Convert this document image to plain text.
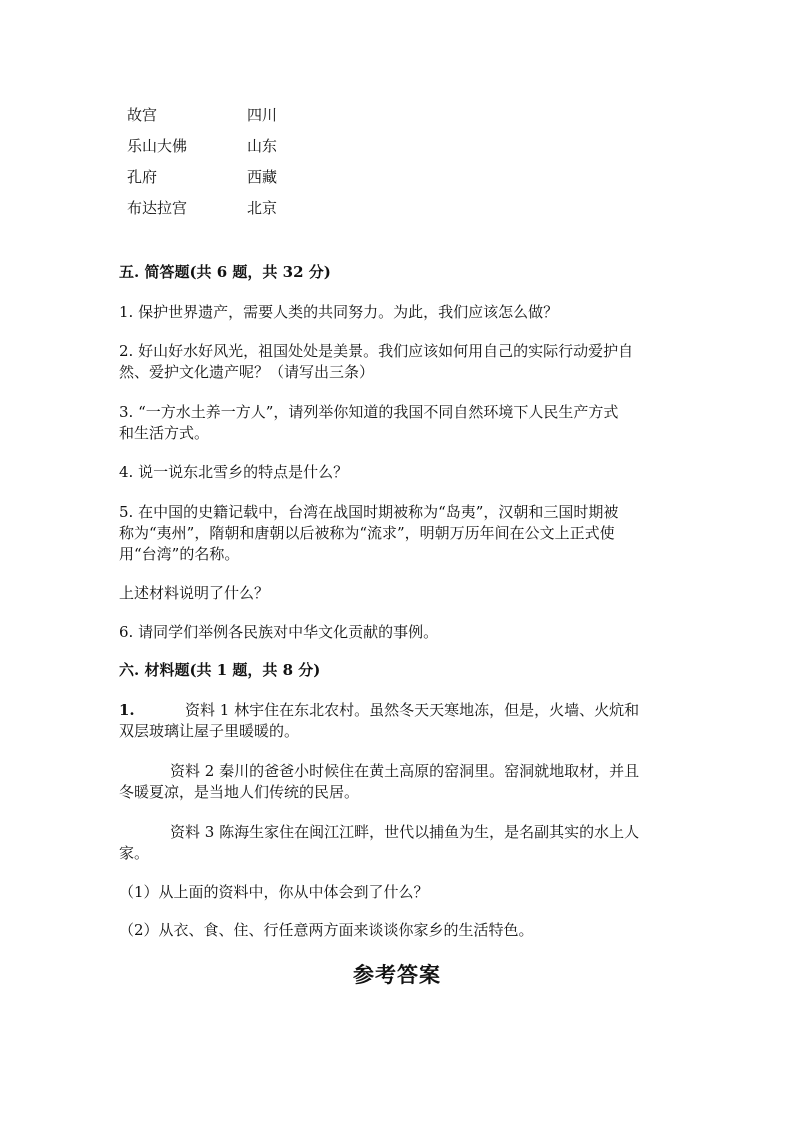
故宫	四川
乐山大佛	山东
孔府	西藏
布达拉宫	北京
五. 简答题(共 6 题，共 32 分)
1. 保护世界遗产，需要人类的共同努力。为此，我们应该怎么做？
2. 好山好水好风光，祖国处处是美景。我们应该如何用自己的实际行动爱护自
然、爱护文化遗产呢？（请写出三条）
3. “一方水土养一方人”，请列举你知道的我国不同自然环境下人民生产方式
和生活方式。
4. 说一说东北雪乡的特点是什么？
5. 在中国的史籍记载中，台湾在战国时期被称为“岛夷”，汉朝和三国时期被
称为“夷州”，隋朝和唐朝以后被称为“流求”，明朝万历年间在公文上正式使
用“台湾”的名称。
上述材料说明了什么？
6. 请同学们举例各民族对中华文化贡献的事例。
六. 材料题(共 1 题，共 8 分)
1.	资料 1 林宇住在东北农村。虽然冬天天寒地冻，但是，火墙、火炕和
双层玻璃让屋子里暖暖的。
资料 2 秦川的爸爸小时候住在黄土高原的窑洞里。窑洞就地取材，并且
冬暖夏凉，是当地人们传统的民居。
资料 3 陈海生家住在闽江江畔，世代以捕鱼为生，是名副其实的水上人
家。
（1）从上面的资料中，你从中体会到了什么？
（2）从衣、食、住、行任意两方面来谈谈你家乡的生活特色。
参考答案
